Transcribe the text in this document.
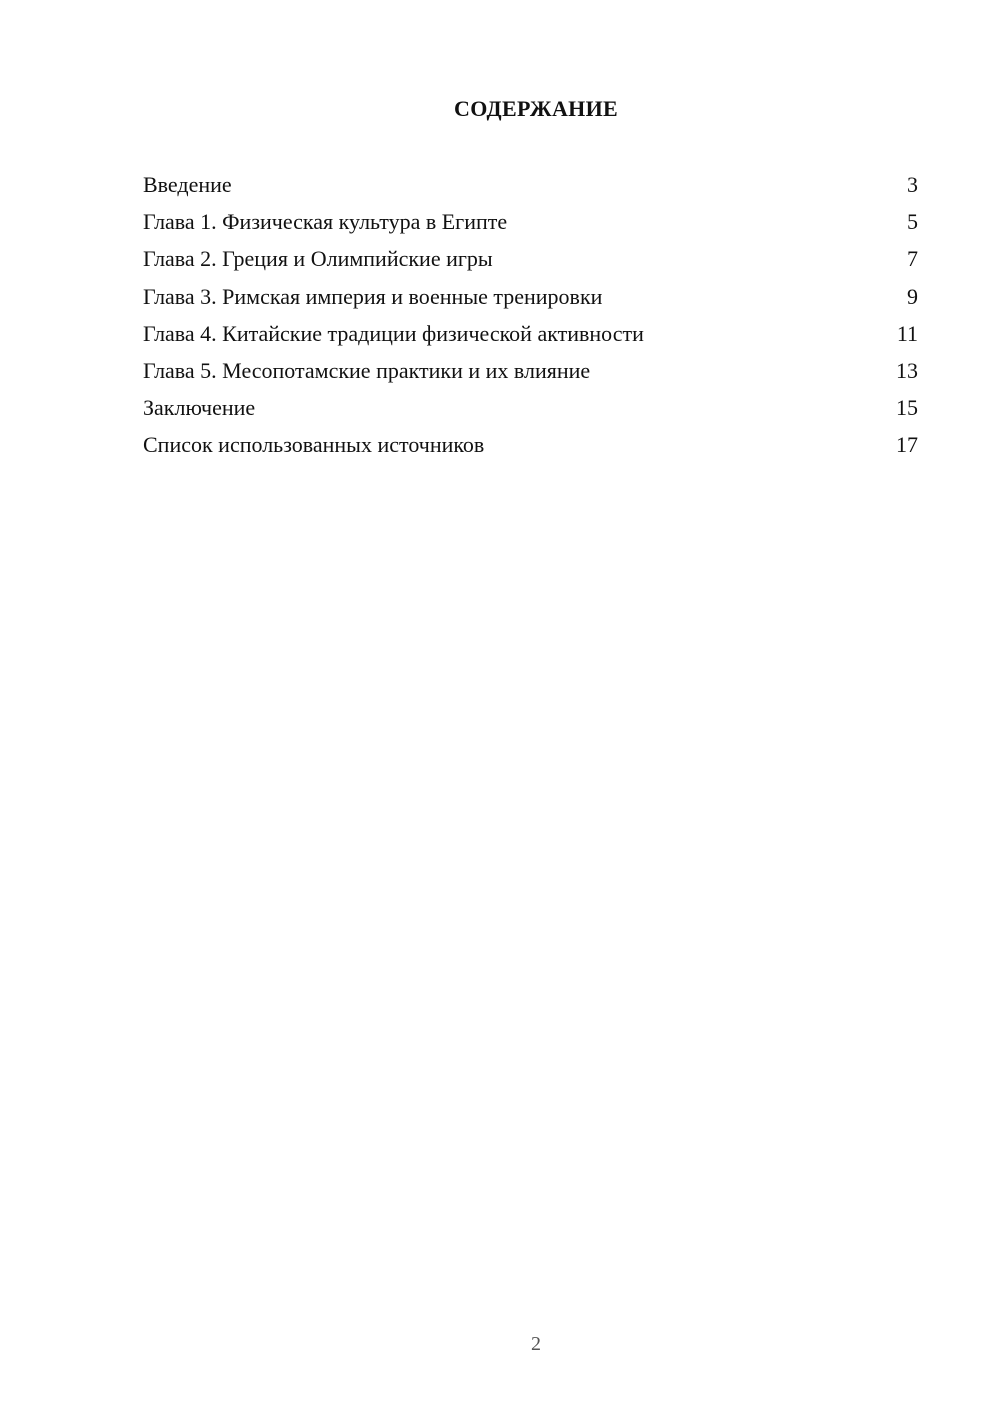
СОДЕРЖАНИЕ
Введение	3
Глава 1. Физическая культура в Египте	5
Глава 2. Греция и Олимпийские игры	7
Глава 3. Римская империя и военные тренировки	9
Глава 4. Китайские традиции физической активности	11
Глава 5. Месопотамские практики и их влияние	13
Заключение	15
Список использованных источников	17
2
